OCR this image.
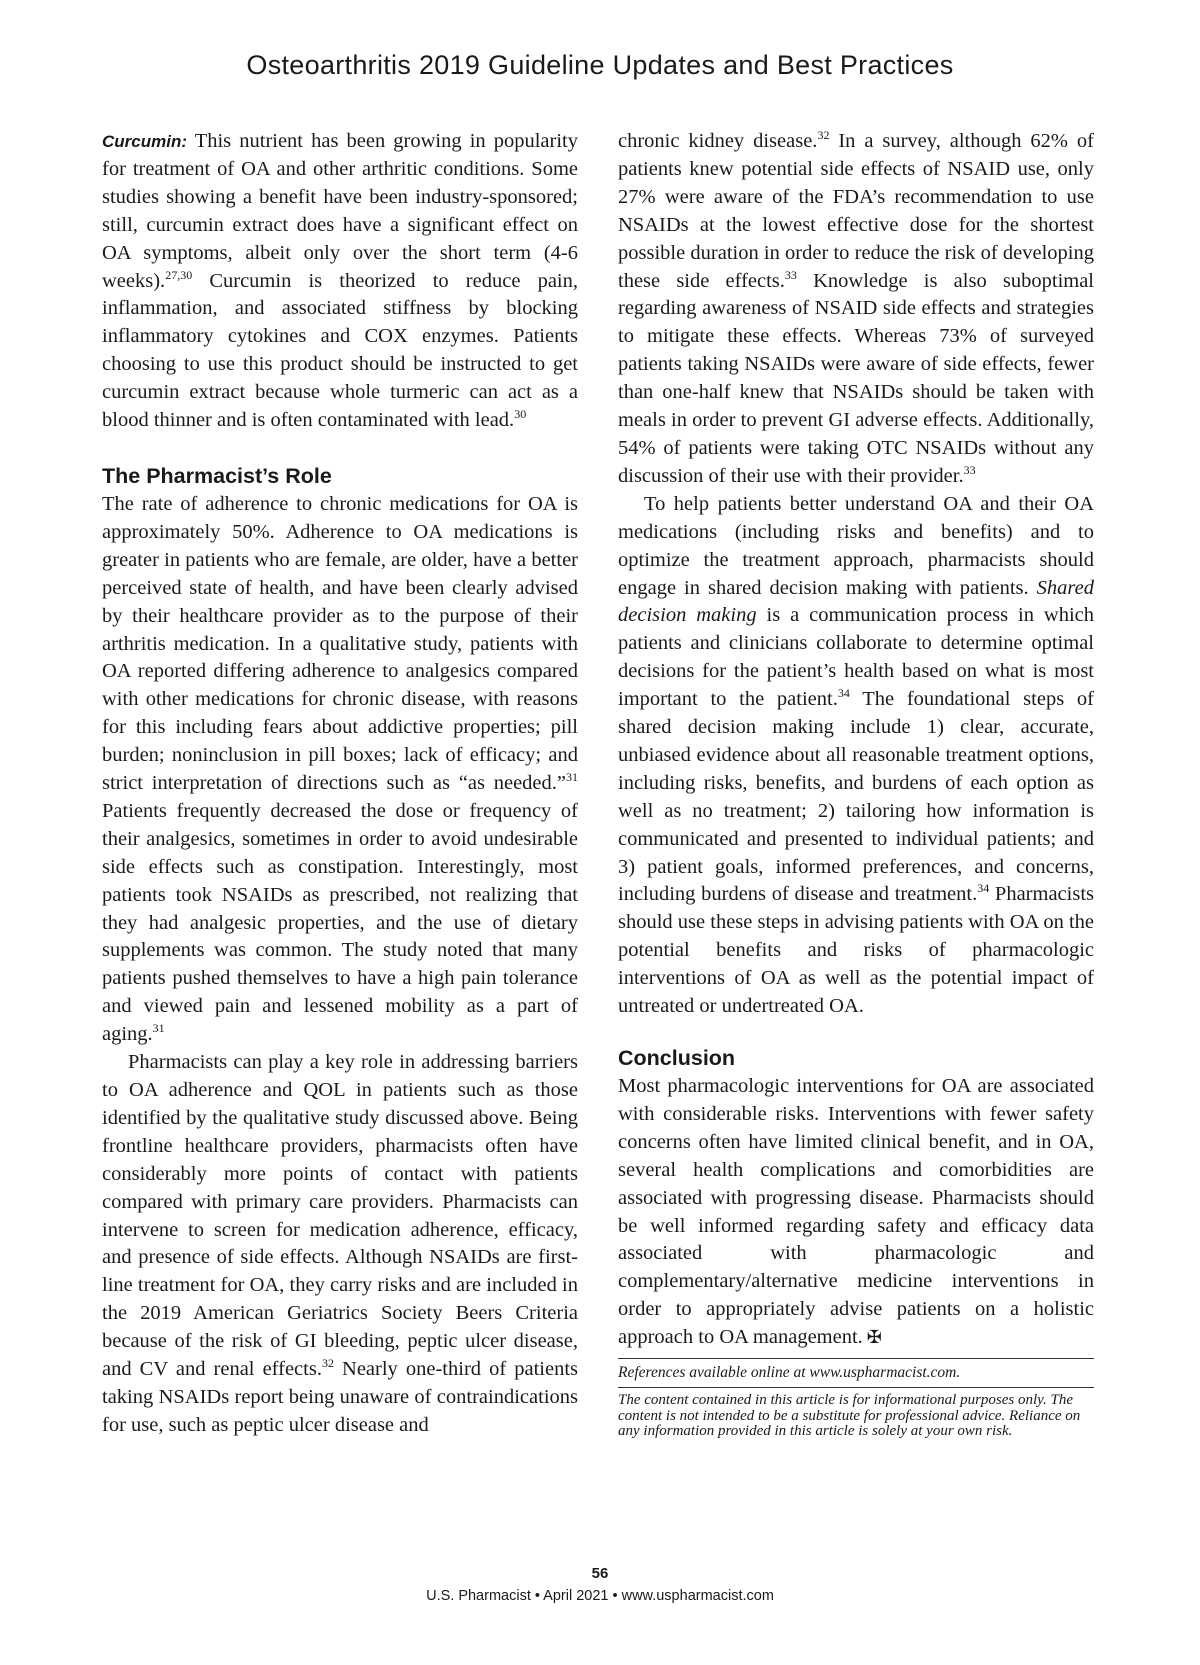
Osteoarthritis 2019 Guideline Updates and Best Practices

Curcumin: This nutrient has been growing in popularity for treatment of OA and other arthritic conditions. Some studies showing a benefit have been industry-sponsored; still, curcumin extract does have a significant effect on OA symptoms, albeit only over the short term (4-6 weeks).$^{27,30}$ Curcumin is theorized to reduce pain, inflammation, and associated stiffness by blocking inflammatory cytokines and COX enzymes. Patients choosing to use this product should be instructed to get curcumin extract because whole turmeric can act as a blood thinner and is often contaminated with lead.$^{30}$

The Pharmacist’s Role

The rate of adherence to chronic medications for OA is approximately 50%. Adherence to OA medications is greater in patients who are female, are older, have a better perceived state of health, and have been clearly advised by their healthcare provider as to the purpose of their arthritis medication. In a qualitative study, patients with OA reported differing adherence to analgesics compared with other medications for chronic disease, with reasons for this including fears about addictive properties; pill burden; noninclusion in pill boxes; lack of efficacy; and strict interpretation of directions such as “as needed.”$^{31}$ Patients frequently decreased the dose or frequency of their analgesics, sometimes in order to avoid undesirable side effects such as constipation. Interestingly, most patients took NSAIDs as prescribed, not realizing that they had analgesic properties, and the use of dietary supplements was common. The study noted that many patients pushed themselves to have a high pain tolerance and viewed pain and lessened mobility as a part of aging.$^{31}$

Pharmacists can play a key role in addressing barriers to OA adherence and QOL in patients such as those identified by the qualitative study discussed above. Being frontline healthcare providers, pharmacists often have considerably more points of contact with patients compared with primary care providers. Pharmacists can intervene to screen for medication adherence, efficacy, and presence of side effects. Although NSAIDs are first-line treatment for OA, they carry risks and are included in the 2019 American Geriatrics Society Beers Criteria because of the risk of GI bleeding, peptic ulcer disease, and CV and renal effects.$^{32}$ Nearly one-third of patients taking NSAIDs report being unaware of contraindications for use, such as peptic ulcer disease and

chronic kidney disease.$^{32}$ In a survey, although 62% of patients knew potential side effects of NSAID use, only 27% were aware of the FDA’s recommendation to use NSAIDs at the lowest effective dose for the shortest possible duration in order to reduce the risk of developing these side effects.$^{33}$ Knowledge is also suboptimal regarding awareness of NSAID side effects and strategies to mitigate these effects. Whereas 73% of surveyed patients taking NSAIDs were aware of side effects, fewer than one-half knew that NSAIDs should be taken with meals in order to prevent GI adverse effects. Additionally, 54% of patients were taking OTC NSAIDs without any discussion of their use with their provider.$^{33}$

To help patients better understand OA and their OA medications (including risks and benefits) and to optimize the treatment approach, pharmacists should engage in shared decision making with patients. Shared decision making is a communication process in which patients and clinicians collaborate to determine optimal decisions for the patient’s health based on what is most important to the patient.$^{34}$ The foundational steps of shared decision making include 1) clear, accurate, unbiased evidence about all reasonable treatment options, including risks, benefits, and burdens of each option as well as no treatment; 2) tailoring how information is communicated and presented to individual patients; and 3) patient goals, informed preferences, and concerns, including burdens of disease and treatment.$^{34}$ Pharmacists should use these steps in advising patients with OA on the potential benefits and risks of pharmacologic interventions of OA as well as the potential impact of untreated or undertreated OA.

Conclusion

Most pharmacologic interventions for OA are associated with considerable risks. Interventions with fewer safety concerns often have limited clinical benefit, and in OA, several health complications and comorbidities are associated with progressing disease. Pharmacists should be well informed regarding safety and efficacy data associated with pharmacologic and complementary/alternative medicine interventions in order to appropriately advise patients on a holistic approach to OA management. ✠

References available online at www.uspharmacist.com.
The content contained in this article is for informational purposes only. The content is not intended to be a substitute for professional advice. Reliance on any information provided in this article is solely at your own risk.
56
U.S. Pharmacist • April 2021 • www.uspharmacist.com
